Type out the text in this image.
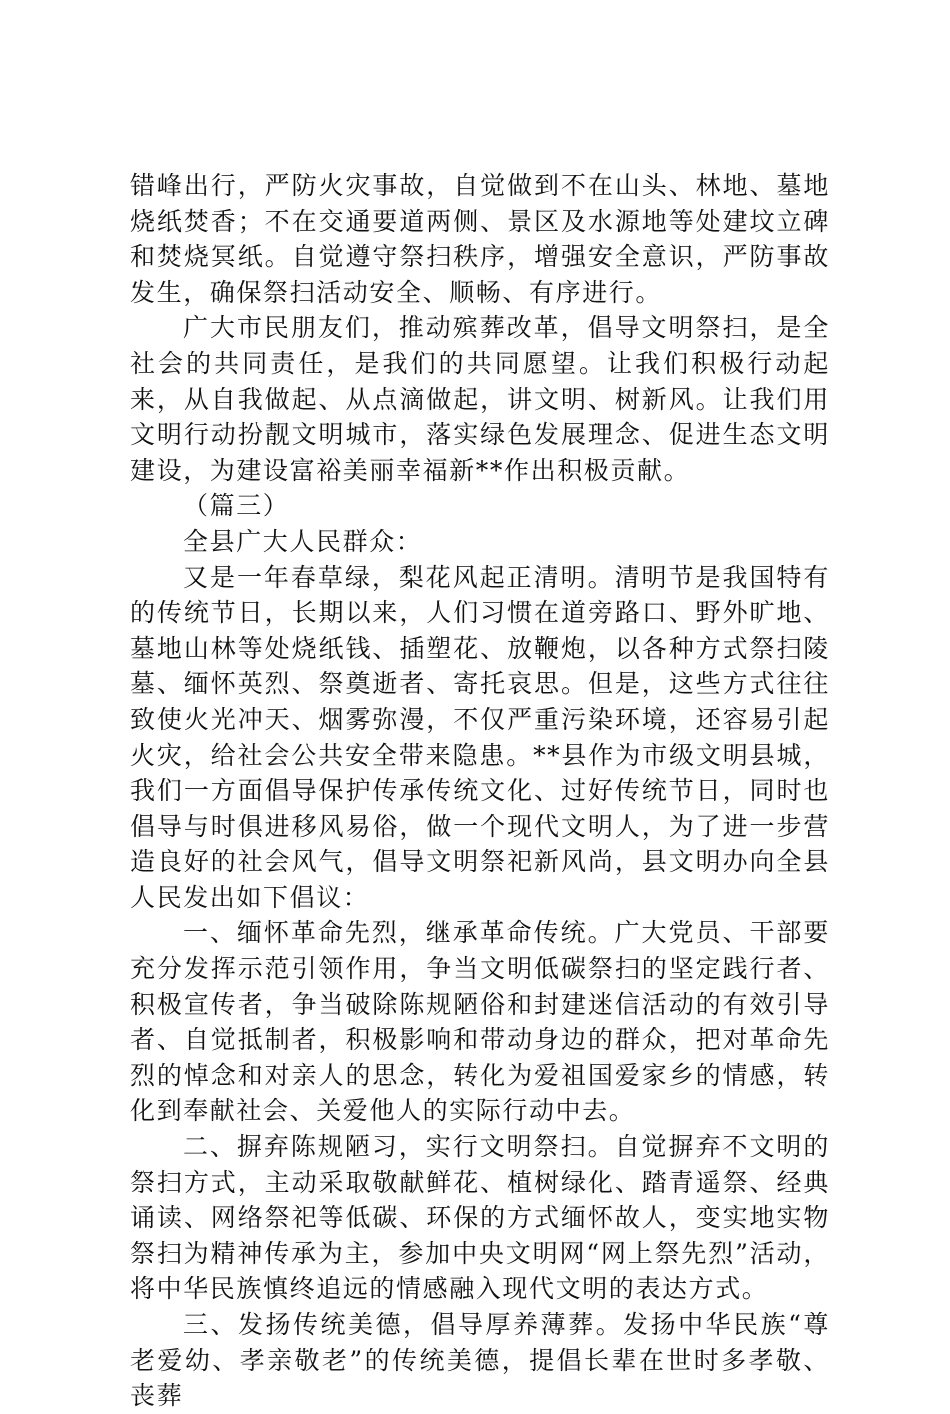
错峰出行，严防火灾事故，自觉做到不在山头、林地、墓地烧纸焚香；不在交通要道两侧、景区及水源地等处建坟立碑和焚烧冥纸。自觉遵守祭扫秩序，增强安全意识，严防事故发生，确保祭扫活动安全、顺畅、有序进行。

广大市民朋友们，推动殡葬改革，倡导文明祭扫，是全社会的共同责任，是我们的共同愿望。让我们积极行动起来，从自我做起、从点滴做起，讲文明、树新风。让我们用文明行动扮靓文明城市，落实绿色发展理念、促进生态文明建设，为建设富裕美丽幸福新**作出积极贡献。

（篇三）

全县广大人民群众：

又是一年春草绿，梨花风起正清明。清明节是我国特有的传统节日，长期以来，人们习惯在道旁路口、野外旷地、墓地山林等处烧纸钱、插塑花、放鞭炮，以各种方式祭扫陵墓、缅怀英烈、祭奠逝者、寄托哀思。但是，这些方式往往致使火光冲天、烟雾弥漫，不仅严重污染环境，还容易引起火灾，给社会公共安全带来隐患。**县作为市级文明县城，我们一方面倡导保护传承传统文化、过好传统节日，同时也倡导与时俱进移风易俗，做一个现代文明人，为了进一步营造良好的社会风气，倡导文明祭祀新风尚，县文明办向全县人民发出如下倡议：

一、缅怀革命先烈，继承革命传统。广大党员、干部要充分发挥示范引领作用，争当文明低碳祭扫的坚定践行者、积极宣传者，争当破除陈规陋俗和封建迷信活动的有效引导者、自觉抵制者，积极影响和带动身边的群众，把对革命先烈的悼念和对亲人的思念，转化为爱祖国爱家乡的情感，转化到奉献社会、关爱他人的实际行动中去。

二、摒弃陈规陋习，实行文明祭扫。自觉摒弃不文明的祭扫方式，主动采取敬献鲜花、植树绿化、踏青遥祭、经典诵读、网络祭祀等低碳、环保的方式缅怀故人，变实地实物祭扫为精神传承为主，参加中央文明网“网上祭先烈”活动，将中华民族慎终追远的情感融入现代文明的表达方式。

三、发扬传统美德，倡导厚养薄葬。发扬中华民族“尊老爱幼、孝亲敬老”的传统美德，提倡长辈在世时多孝敬、丧葬
